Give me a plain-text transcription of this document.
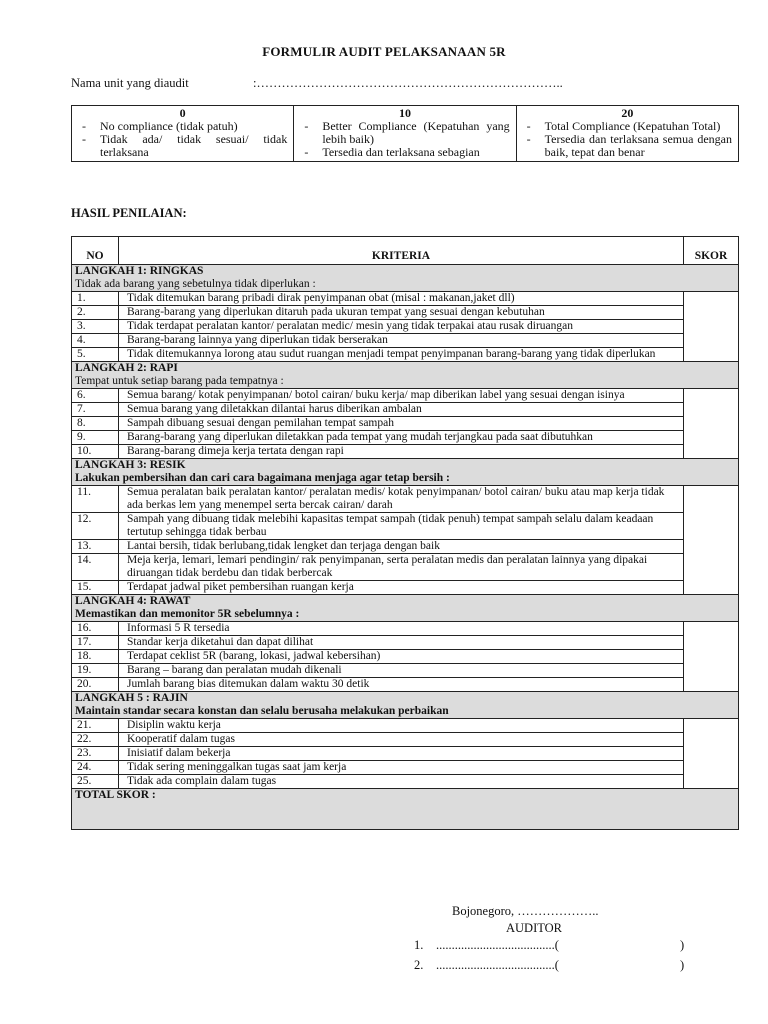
FORMULIR AUDIT PELAKSANAAN 5R
Nama unit yang diaudit	:………………………………………………………………..
0
- No compliance (tidak patuh)
- Tidak ada/ tidak sesuai/ tidak terlaksana

10
- Better Compliance (Kepatuhan yang lebih baik)
- Tersedia dan terlaksana sebagian

20
- Total Compliance (Kepatuhan Total)
- Tersedia dan terlaksana semua dengan baik, tepat dan benar
HASIL PENILAIAN:
NO	KRITERIA	SKOR

LANGKAH 1: RINGKAS
Tidak ada barang yang sebetulnya tidak diperlukan :		

1.	Tidak ditemukan barang pribadi dirak penyimpanan obat (misal : makanan,jaket dll)	
2.	Barang-barang yang diperlukan ditaruh pada ukuran tempat yang sesuai dengan kebutuhan	
3.	Tidak terdapat peralatan kantor/ peralatan medic/ mesin yang tidak terpakai atau rusak diruangan	
4.	Barang-barang lainnya yang diperlukan tidak berserakan	
5.	Tidak ditemukannya lorong atau sudut ruangan menjadi tempat penyimpanan barang-barang yang tidak diperlukan	

LANGKAH 2: RAPI
Tempat untuk setiap barang pada tempatnya :		

6.	Semua barang/ kotak penyimpanan/ botol cairan/ buku kerja/ map diberikan label yang sesuai dengan isinya	
7.	Semua barang yang diletakkan dilantai harus diberikan ambalan	
8.	Sampah dibuang sesuai dengan pemilahan tempat sampah	
9.	Barang-barang yang diperlukan diletakkan pada tempat yang mudah terjangkau pada saat dibutuhkan	
10.	Barang-barang dimeja kerja tertata dengan rapi	

LANGKAH 3: RESIK
Lakukan pembersihan dan cari cara bagaimana menjaga agar tetap bersih :		

11.	Semua peralatan baik peralatan kantor/ peralatan medis/ kotak penyimpanan/ botol cairan/ buku atau map kerja tidak ada berkas lem yang menempel serta bercak cairan/ darah	
12.	Sampah yang dibuang tidak melebihi kapasitas tempat sampah (tidak penuh) tempat sampah selalu dalam keadaan tertutup sehingga tidak berbau	
13.	Lantai bersih, tidak berlubang,tidak lengket dan terjaga dengan baik	
14.	Meja kerja, lemari, lemari pendingin/ rak penyimpanan, serta peralatan medis dan peralatan lainnya yang dipakai diruangan tidak berdebu dan tidak berbercak	
15.	Terdapat jadwal piket pembersihan ruangan kerja	

LANGKAH 4: RAWAT
Memastikan dan memonitor 5R sebelumnya :		

16.	Informasi 5 R tersedia	
17.	Standar kerja diketahui dan dapat dilihat	
18.	Terdapat ceklist 5R (barang, lokasi, jadwal kebersihan)	
19.	Barang – barang dan peralatan mudah dikenali	
20.	Jumlah barang bias ditemukan dalam waktu 30 detik	

LANGKAH 5 : RAJIN
Maintain standar secara konstan dan selalu berusaha melakukan perbaikan		

21.	Disiplin waktu kerja	
22.	Kooperatif dalam tugas	
23.	Inisiatif dalam bekerja	
24.	Tidak sering meninggalkan tugas saat jam kerja	
25.	Tidak ada complain dalam tugas	
TOTAL SKOR :		
Bojonegoro, ………………..
AUDITOR
1. ......................................(	)
2. ......................................(	)
